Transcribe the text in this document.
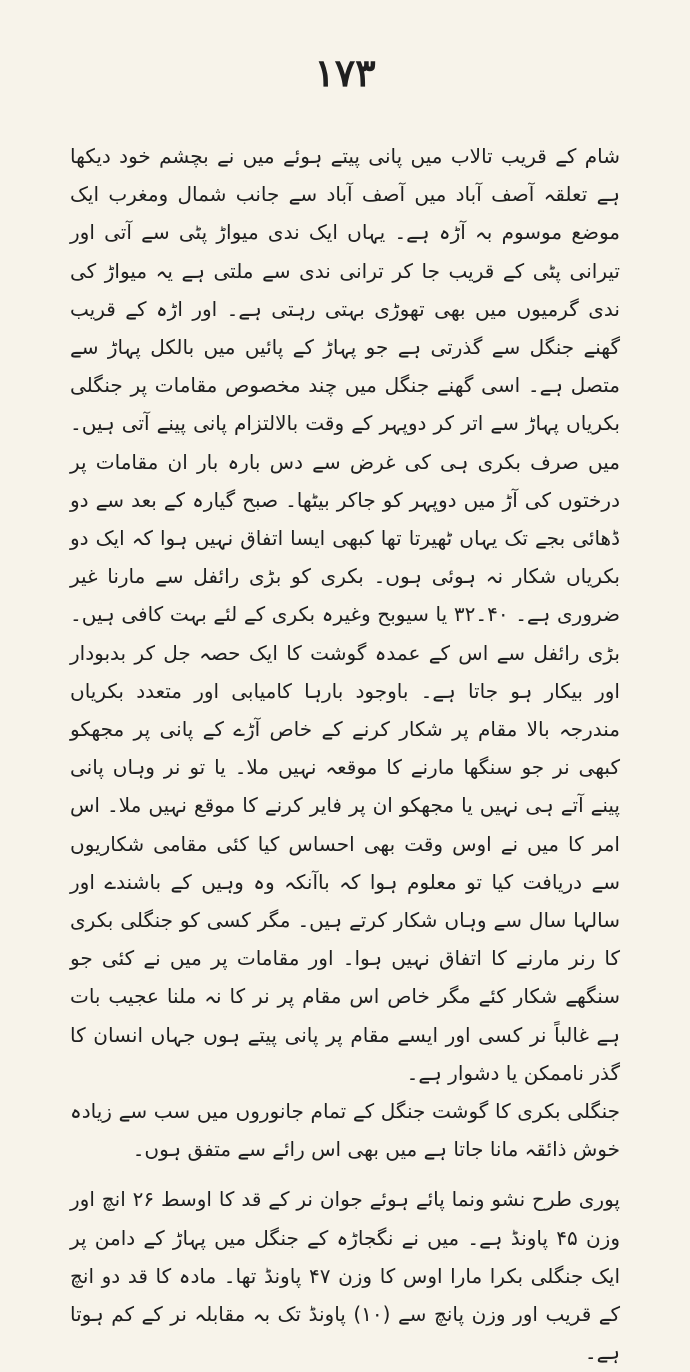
۱۷۳

شام کے قریب تالاب میں پانی پیتے ہوئے میں نے بچشم خود دیکھا ہے تعلقہ آصف آباد میں آصف آباد سے جانب شمال ومغرب ایک موضع موسوم بہ آڑہ ہے۔ یہاں ایک ندی میواڑ پٹی سے آتی اور تیرانی پٹی کے قریب جا کر ترانی ندی سے ملتی ہے یہ میواڑ کی ندی گرمیوں میں بھی تھوڑی بہتی رہتی ہے۔ اور اڑہ کے قریب گھنے جنگل سے گذرتی ہے جو پہاڑ کے پائیں میں بالکل پہاڑ سے متصل ہے۔ اسی گھنے جنگل میں چند مخصوص مقامات پر جنگلی بکریاں پہاڑ سے اتر کر دوپہر کے وقت بالالتزام پانی پینے آتی ہیں۔ میں صرف بکری ہی کی غرض سے دس بارہ بار ان مقامات پر درختوں کی آڑ میں دوپہر کو جاکر بیٹھا۔ صبح گیارہ کے بعد سے دو ڈھائی بجے تک یہاں ٹھیرتا تھا کبھی ایسا اتفاق نہیں ہوا کہ ایک دو بکریاں شکار نہ ہوئی ہوں۔ بکری کو بڑی رائفل سے مارنا غیر ضروری ہے۔ ۴۰۔۳۲ یا سیوبح وغیرہ بکری کے لئے بہت کافی ہیں۔ بڑی رائفل سے اس کے عمدہ گوشت کا ایک حصہ جل کر بدبودار اور بیکار ہو جاتا ہے۔ باوجود بارہا کامیابی اور متعدد بکریاں مندرجہ بالا مقام پر شکار کرنے کے خاص آڑے کے پانی پر مجھکو کبھی نر جو سنگھا مارنے کا موقعہ نہیں ملا۔ یا تو نر وہاں پانی پینے آتے ہی نہیں یا مجھکو ان پر فایر کرنے کا موقع نہیں ملا۔ اس امر کا میں نے اوس وقت بھی احساس کیا کئی مقامی شکاریوں سے دریافت کیا تو معلوم ہوا کہ باآنکہ وہ وہیں کے باشندے اور سالہا سال سے وہاں شکار کرتے ہیں۔ مگر کسی کو جنگلی بکری کا رنر مارنے کا اتفاق نہیں ہوا۔ اور مقامات پر میں نے کئی جو سنگھے شکار کئے مگر خاص اس مقام پر نر کا نہ ملنا عجیب بات ہے غالباً نر کسی اور ایسے مقام پر پانی پیتے ہوں جہاں انسان کا گذر ناممکن یا دشوار ہے۔

جنگلی بکری کا گوشت جنگل کے تمام جانوروں میں سب سے زیادہ خوش ذائقہ مانا جاتا ہے میں بھی اس رائے سے متفق ہوں۔

پوری طرح نشو ونما پائے ہوئے جوان نر کے قد کا اوسط ۲۶ انچ اور وزن ۴۵ پاونڈ ہے۔ میں نے نگجاڑہ کے جنگل میں پہاڑ کے دامن پر ایک جنگلی بکرا مارا اوس کا وزن ۴۷ پاونڈ تھا۔ مادہ کا قد دو انچ کے قریب اور وزن پانچ سے (۱۰) پاونڈ تک بہ مقابلہ نر کے کم ہوتا ہے۔
